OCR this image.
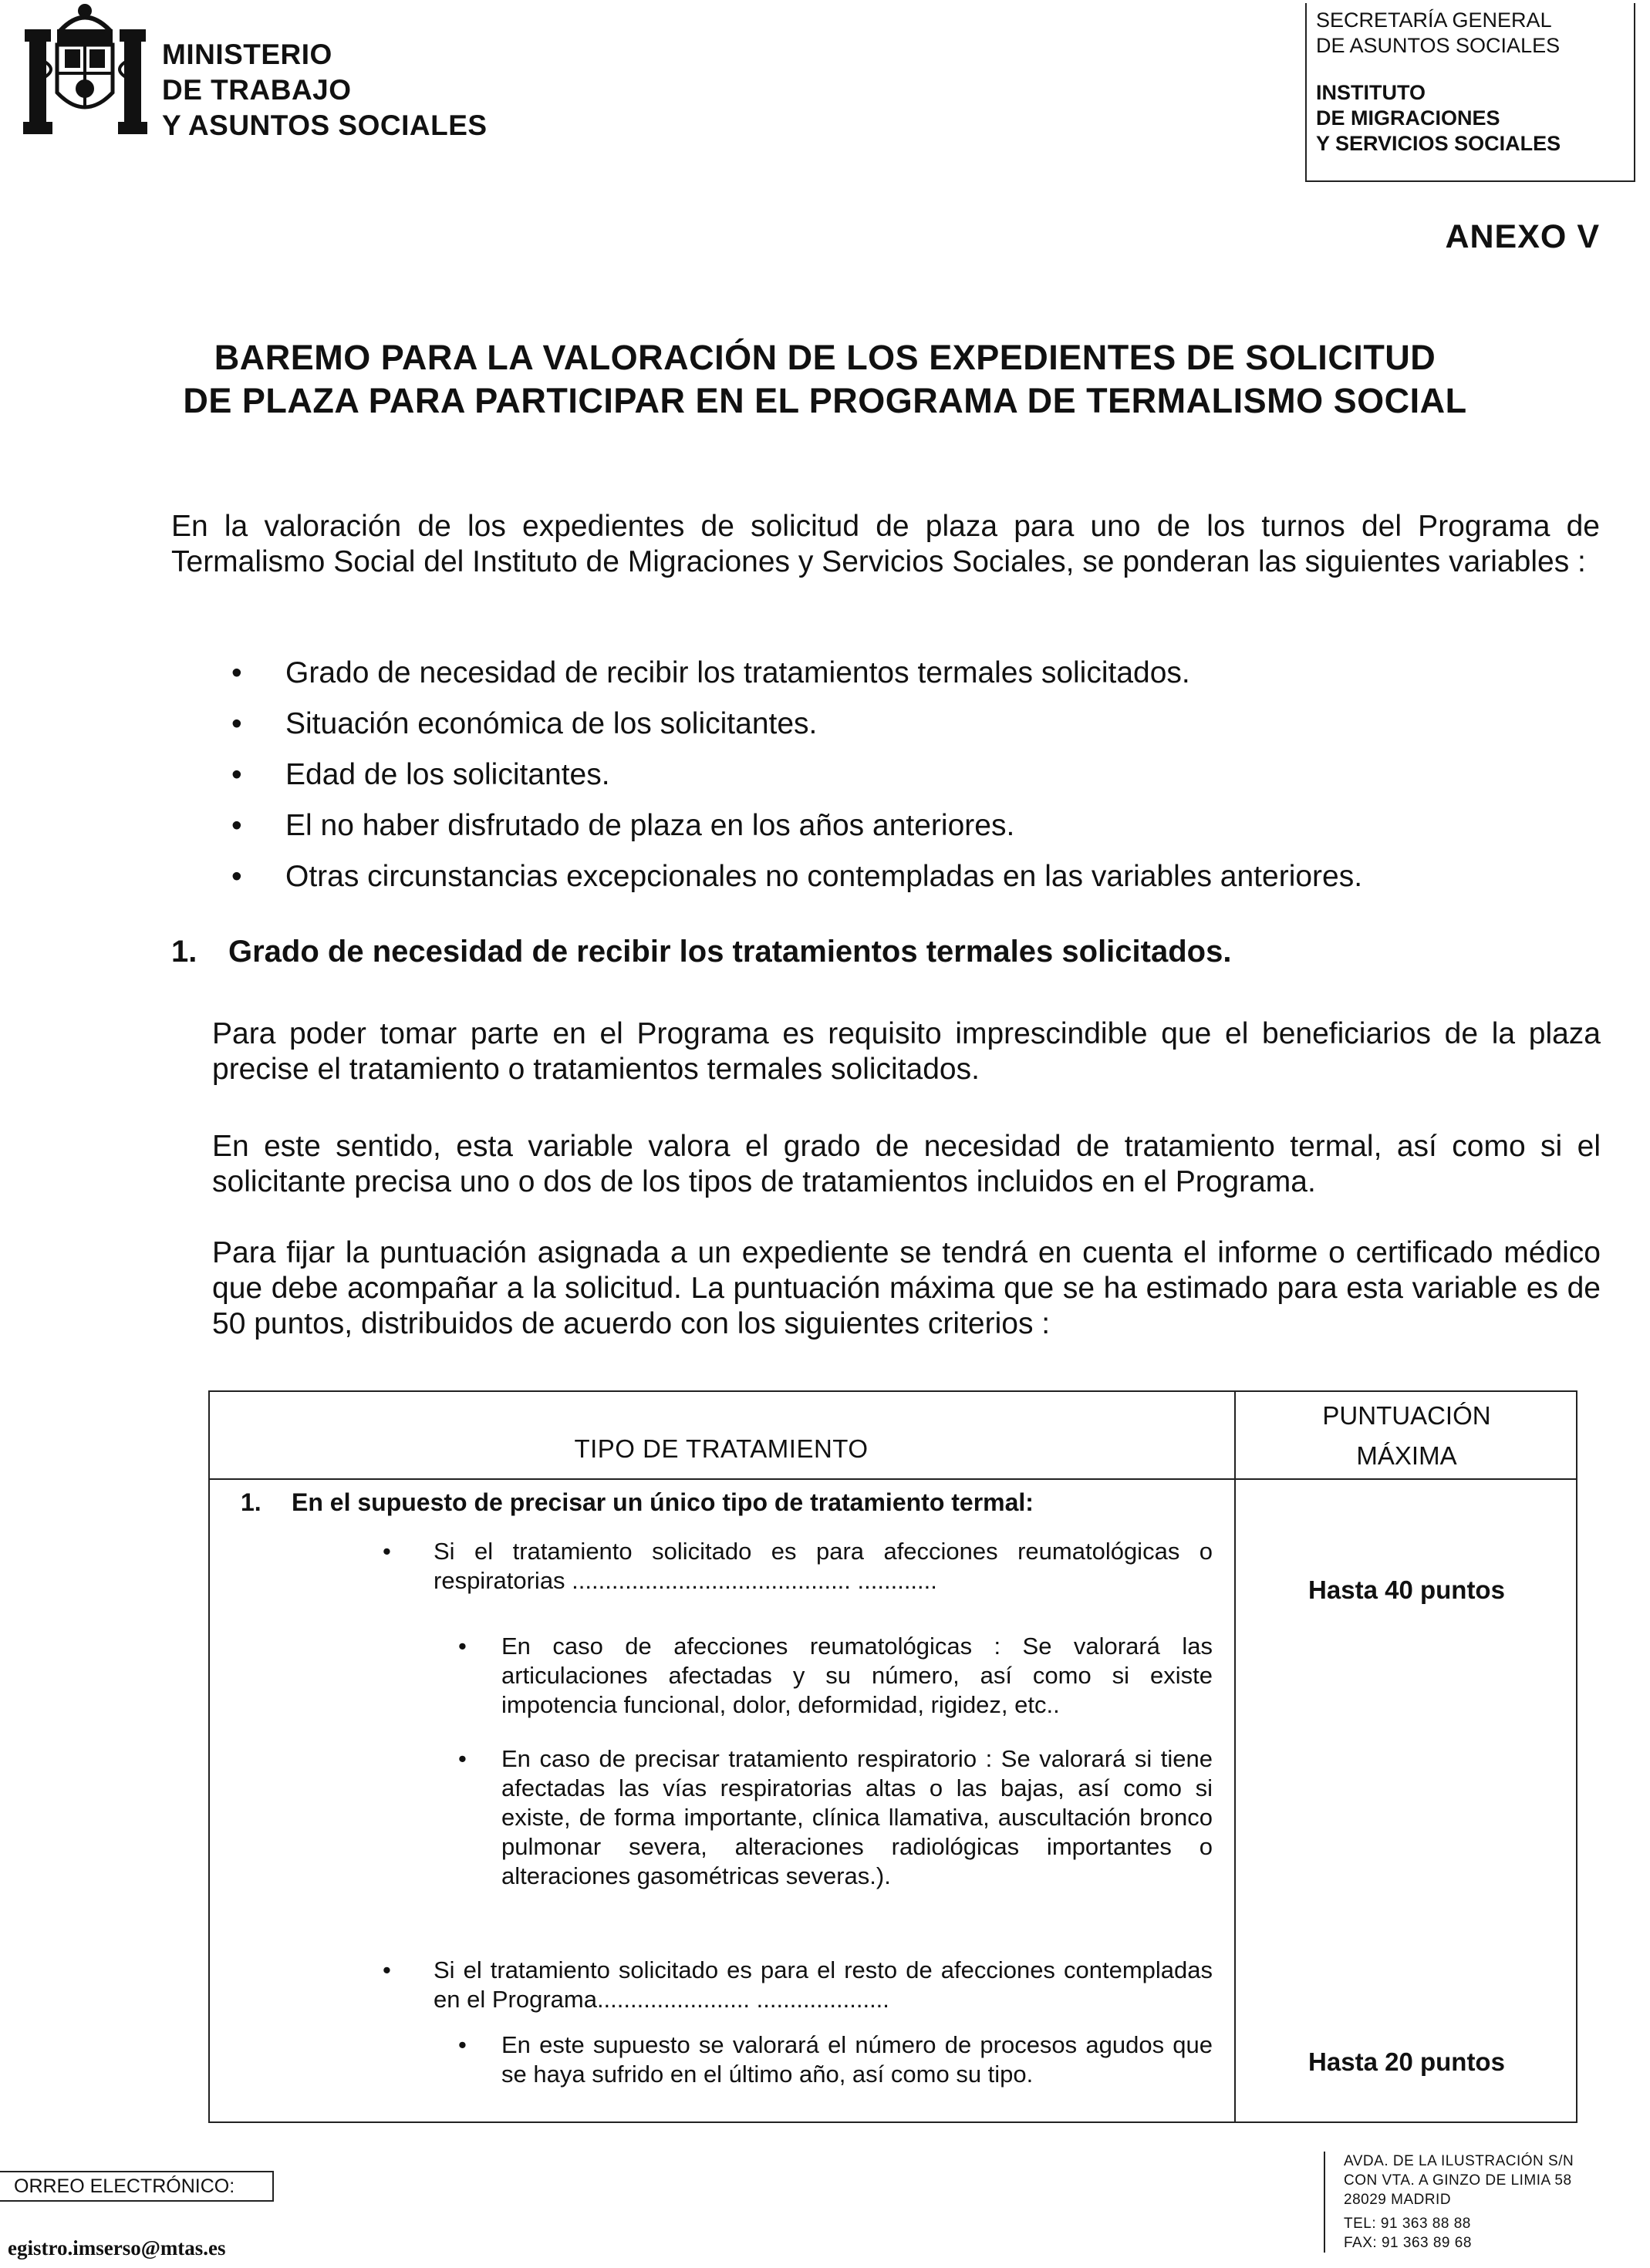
MINISTERIO
DE TRABAJO
Y ASUNTOS SOCIALES
SECRETARÍA GENERAL
DE ASUNTOS SOCIALES
INSTITUTO
DE MIGRACIONES
Y SERVICIOS SOCIALES
ANEXO V
BAREMO PARA LA VALORACIÓN DE LOS EXPEDIENTES DE SOLICITUD
DE PLAZA PARA PARTICIPAR EN EL PROGRAMA DE TERMALISMO SOCIAL
En la valoración de los expedientes de solicitud de plaza para uno de los turnos del Programa de Termalismo Social del Instituto de Migraciones y Servicios Sociales, se ponderan las siguientes variables :
• Grado de necesidad de recibir los tratamientos termales solicitados.
• Situación económica de los solicitantes.
• Edad de los solicitantes.
• El no haber disfrutado de plaza en los años anteriores.
• Otras circunstancias excepcionales no contempladas en las variables anteriores.
1. Grado de necesidad de recibir los tratamientos termales solicitados.
Para poder tomar parte en el Programa es requisito imprescindible que el beneficiarios de la plaza precise el tratamiento o tratamientos termales solicitados.
En este sentido, esta variable valora el grado de necesidad de tratamiento termal, así como si el solicitante precisa uno o dos de los tipos de tratamientos incluidos en el Programa.
Para fijar la puntuación asignada a un expediente se tendrá en cuenta el informe o certificado médico que debe acompañar a la solicitud. La puntuación máxima que se ha estimado para esta variable es de 50 puntos, distribuidos de acuerdo con los siguientes criterios :
TIPO DE TRATAMIENTO
PUNTUACIÓN
MÁXIMA
1. En el supuesto de precisar un único tipo de tratamiento termal:
• Si el tratamiento solicitado es para afecciones reumatológicas o respiratorias .......................................... ............
• En caso de afecciones reumatológicas : Se valorará las articulaciones afectadas y su número, así como si existe impotencia funcional, dolor, deformidad, rigidez, etc..
• En caso de precisar tratamiento respiratorio : Se valorará si tiene afectadas las vías respiratorias altas o las bajas, así como si existe, de forma importante, clínica llamativa, auscultación bronco pulmonar severa, alteraciones radiológicas importantes o alteraciones gasométricas severas.).
• Si el tratamiento solicitado es para el resto de afecciones contempladas en el Programa....................... ....................
• En este supuesto se valorará el número de procesos agudos que se haya sufrido en el último año, así como su tipo.
Hasta 40 puntos
Hasta 20 puntos
ORREO ELECTRÓNICO:
egistro.imserso@mtas.es
AVDA. DE LA ILUSTRACIÓN S/N
CON VTA. A GINZO DE LIMIA 58
28029 MADRID
TEL: 91 363 88 88
FAX: 91 363 89 68
